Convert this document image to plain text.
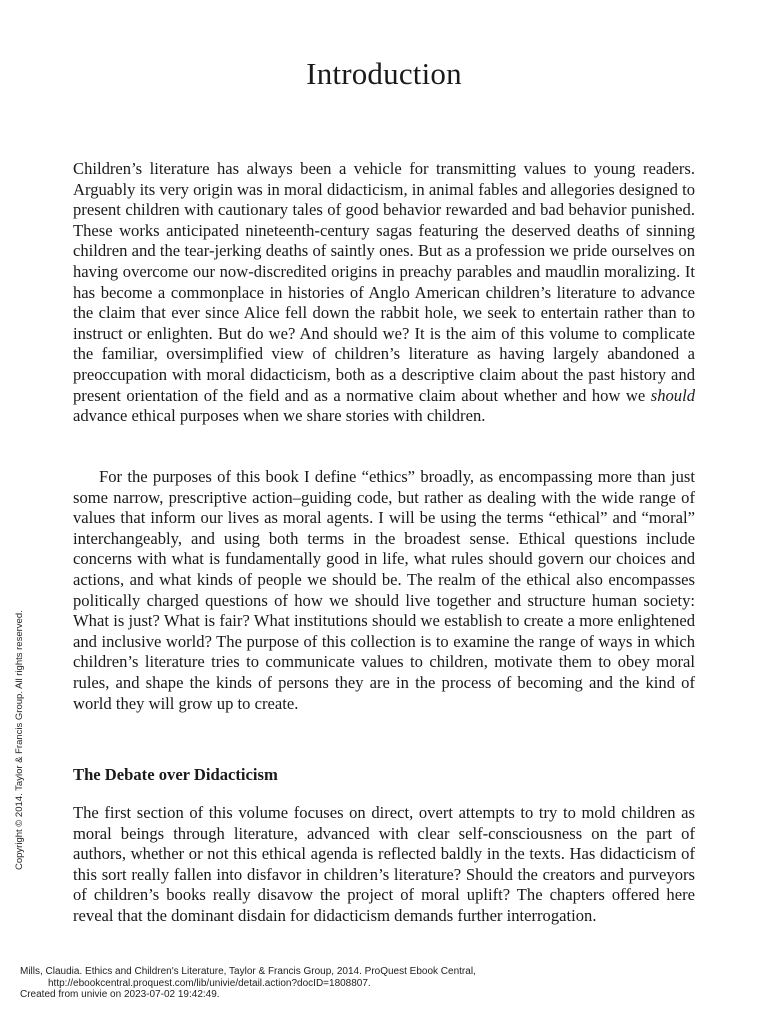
Introduction

Children’s literature has always been a vehicle for transmitting values to young readers. Arguably its very origin was in moral didacticism, in animal fables and allegories designed to present children with cautionary tales of good behavior rewarded and bad behavior punished. These works anticipated nineteenth-century sagas featuring the deserved deaths of sinning children and the tear-jerking deaths of saintly ones. But as a profession we pride ourselves on having overcome our now-discredited origins in preachy parables and maudlin moralizing. It has become a commonplace in histories of Anglo American children’s literature to advance the claim that ever since Alice fell down the rabbit hole, we seek to entertain rather than to instruct or enlighten. But do we? And should we? It is the aim of this volume to complicate the familiar, oversimplified view of children’s literature as having largely abandoned a preoccupation with moral didacticism, both as a descriptive claim about the past history and present orientation of the field and as a normative claim about whether and how we should advance ethical purposes when we share stories with children.

For the purposes of this book I define “ethics” broadly, as encompassing more than just some narrow, prescriptive action–guiding code, but rather as dealing with the wide range of values that inform our lives as moral agents. I will be using the terms “ethical” and “moral” interchangeably, and using both terms in the broadest sense. Ethical questions include concerns with what is fundamentally good in life, what rules should govern our choices and actions, and what kinds of people we should be. The realm of the ethical also encompasses politically charged questions of how we should live together and structure human society: What is just? What is fair? What institutions should we establish to create a more enlightened and inclusive world? The purpose of this collection is to examine the range of ways in which children’s literature tries to communicate values to children, motivate them to obey moral rules, and shape the kinds of persons they are in the process of becoming and the kind of world they will grow up to create.

The Debate over Didacticism

The first section of this volume focuses on direct, overt attempts to try to mold children as moral beings through literature, advanced with clear self-consciousness on the part of authors, whether or not this ethical agenda is reflected baldly in the texts. Has didacticism of this sort really fallen into disfavor in children’s literature? Should the creators and purveyors of children’s books really disavow the project of moral uplift? The chapters offered here reveal that the dominant disdain for didacticism demands further interrogation.

Copyright © 2014. Taylor & Francis Group. All rights reserved.
Mills, Claudia. Ethics and Children's Literature, Taylor & Francis Group, 2014. ProQuest Ebook Central,
http://ebookcentral.proquest.com/lib/univie/detail.action?docID=1808807.
Created from univie on 2023-07-02 19:42:49.
